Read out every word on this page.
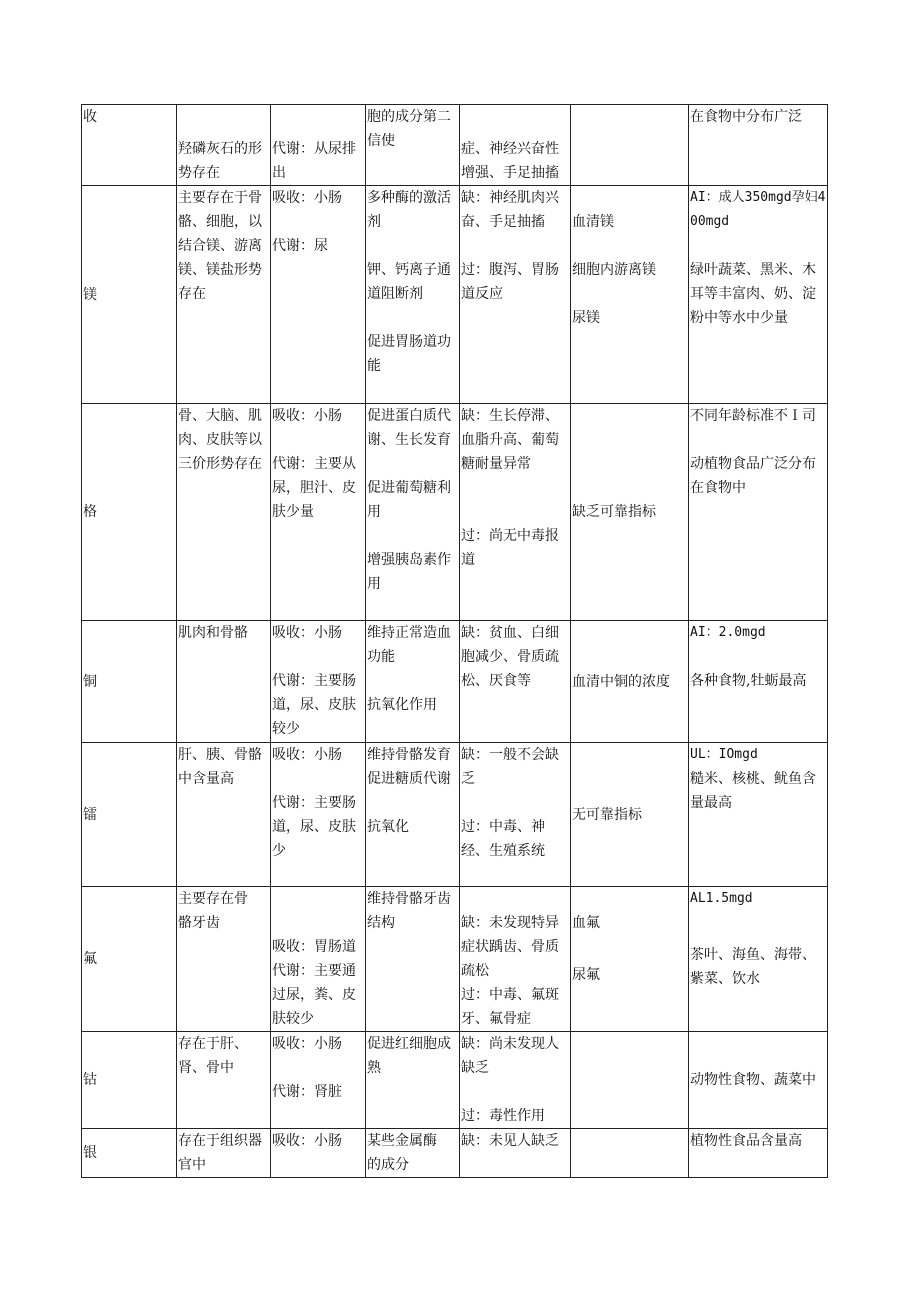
收	羟磷灰石的形势存在	代谢：从尿排出	胞的成分第二信使	症、神经兴奋性增强、手足抽搐		在食物中分布广泛

镁	主要存在于骨骼、细胞，以结合镁、游离镁、镁盐形势存在	吸收：小肠
代谢：尿	多种酶的激活剂
钾、钙离子通道阻断剂
促进胃肠道功能	缺：神经肌肉兴奋、手足抽搐
过：腹泻、胃肠道反应	血清镁
细胞内游离镁
尿镁	AI：成人350mgd孕妇400mgd
绿叶蔬菜、黑米、木耳等丰富肉、奶、淀粉中等水中少量

格	骨、大脑、肌肉、皮肤等以三价形势存在	吸收：小肠
代谢：主要从尿，胆汁、皮肤少量	促进蛋白质代谢、生长发育
促进葡萄糖利用
增强胰岛素作用	缺：生长停滞、血脂升高、葡萄糖耐量异常
过：尚无中毒报道	缺乏可靠指标	不同年龄标准不Ｉ司
动植物食品广泛分布在食物中

铜	肌肉和骨骼	吸收：小肠
代谢：主要肠道，尿、皮肤较少	维持正常造血功能
抗氧化作用	缺：贫血、白细胞减少、骨质疏松、厌食等	血清中铜的浓度	AI：2.0mgd
各种食物,牡蛎最高

镭	肝、胰、骨骼中含量高	吸收：小肠
代谢：主要肠道，尿、皮肤少	维持骨骼发育
促进糖质代谢
抗氧化	缺：一般不会缺乏
过：中毒、神经、生殖系统	无可靠指标	UL：IOmgd
糙米、核桃、鱿鱼含量最高

氟	主要存在骨骼牙齿	吸收：胃肠道
代谢：主要通过尿，粪、皮肤较少	维持骨骼牙齿结构	缺：未发现特异症状踽齿、骨质疏松
过：中毒、氟斑牙、氟骨症	血氟
尿氟	AL1.5mgd
茶叶、海鱼、海带、紫菜、饮水

钴	存在于肝、肾、骨中	吸收：小肠
代谢：肾脏	促进红细胞成熟	缺：尚未发现人缺乏
过：毒性作用		动物性食物、蔬菜中

银	存在于组织器官中	吸收：小肠	某些金属酶的成分	缺：未见人缺乏		植物性食品含量高
